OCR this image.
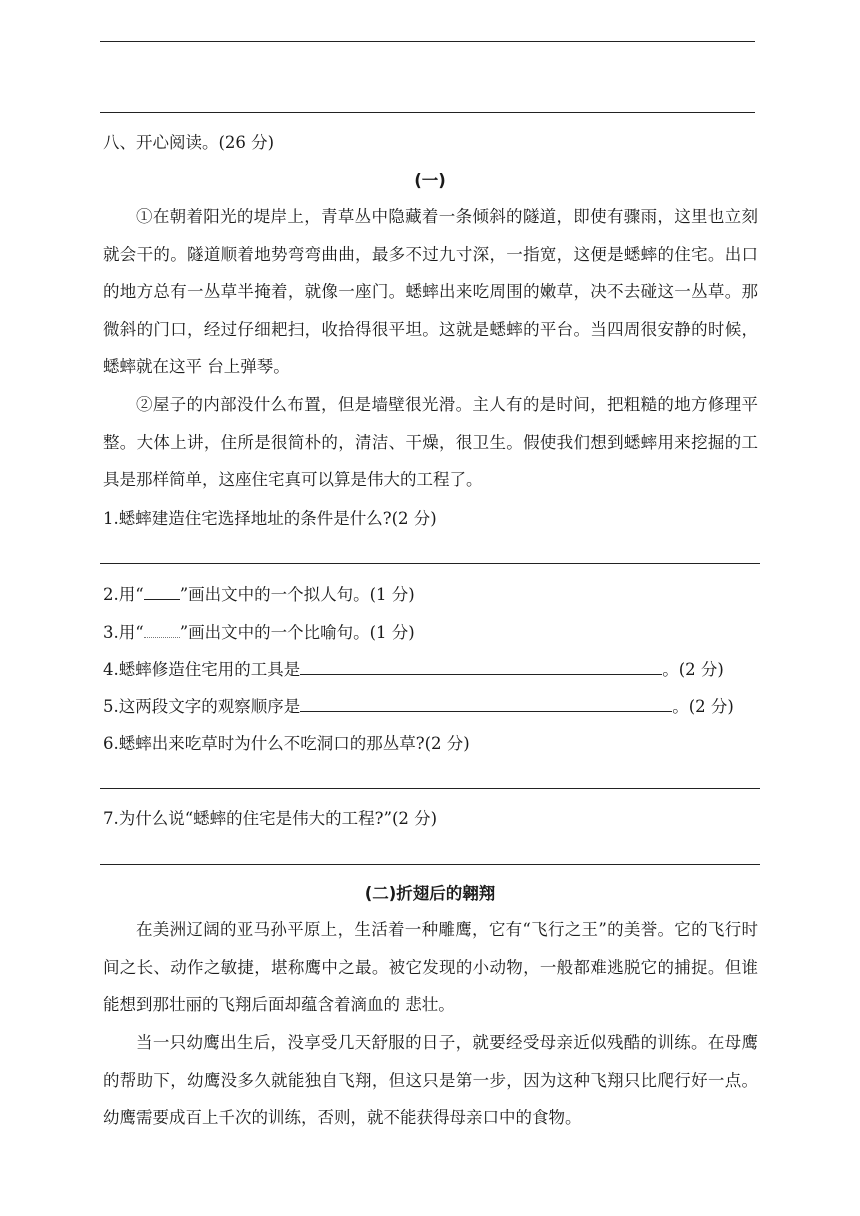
八、开心阅读。(26 分)
(一)

①在朝着阳光的堤岸上，青草丛中隐藏着一条倾斜的隧道，即使有骤雨，这里也立刻就会干的。隧道顺着地势弯弯曲曲，最多不过九寸深，一指宽，这便是蟋蟀的住宅。出口的地方总有一丛草半掩着，就像一座门。蟋蟀出来吃周围的嫩草，决不去碰这一丛草。那微斜的门口，经过仔细耙扫，收拾得很平坦。这就是蟋蟀的平台。当四周很安静的时候，蟋蟀就在这平 台上弹琴。

②屋子的内部没什么布置，但是墙壁很光滑。主人有的是时间，把粗糙的地方修理平整。大体上讲，住所是很简朴的，清洁、干燥，很卫生。假使我们想到蟋蟀用来挖掘的工具是那样简单，这座住宅真可以算是伟大的工程了。

1.蟋蟀建造住宅选择地址的条件是什么?(2 分)
2.用“ ”画出文中的一个拟人句。(1 分)
3.用“ ”画出文中的一个比喻句。(1 分)
4.蟋蟀修造住宅用的工具是	。(2 分)
5.这两段文字的观察顺序是	。(2 分)
6.蟋蟀出来吃草时为什么不吃洞口的那丛草?(2 分)
7.为什么说“蟋蟀的住宅是伟大的工程?”(2 分)
(二)折翅后的翱翔

在美洲辽阔的亚马孙平原上，生活着一种雕鹰，它有“飞行之王”的美誉。它的飞行时间之长、动作之敏捷，堪称鹰中之最。被它发现的小动物，一般都难逃脱它的捕捉。但谁能想到那壮丽的飞翔后面却蕴含着滴血的 悲壮。

当一只幼鹰出生后，没享受几天舒服的日子，就要经受母亲近似残酷的训练。在母鹰的帮助下，幼鹰没多久就能独自飞翔，但这只是第一步，因为这种飞翔只比爬行好一点。幼鹰需要成百上千次的训练，否则，就不能获得母亲口中的食物。
